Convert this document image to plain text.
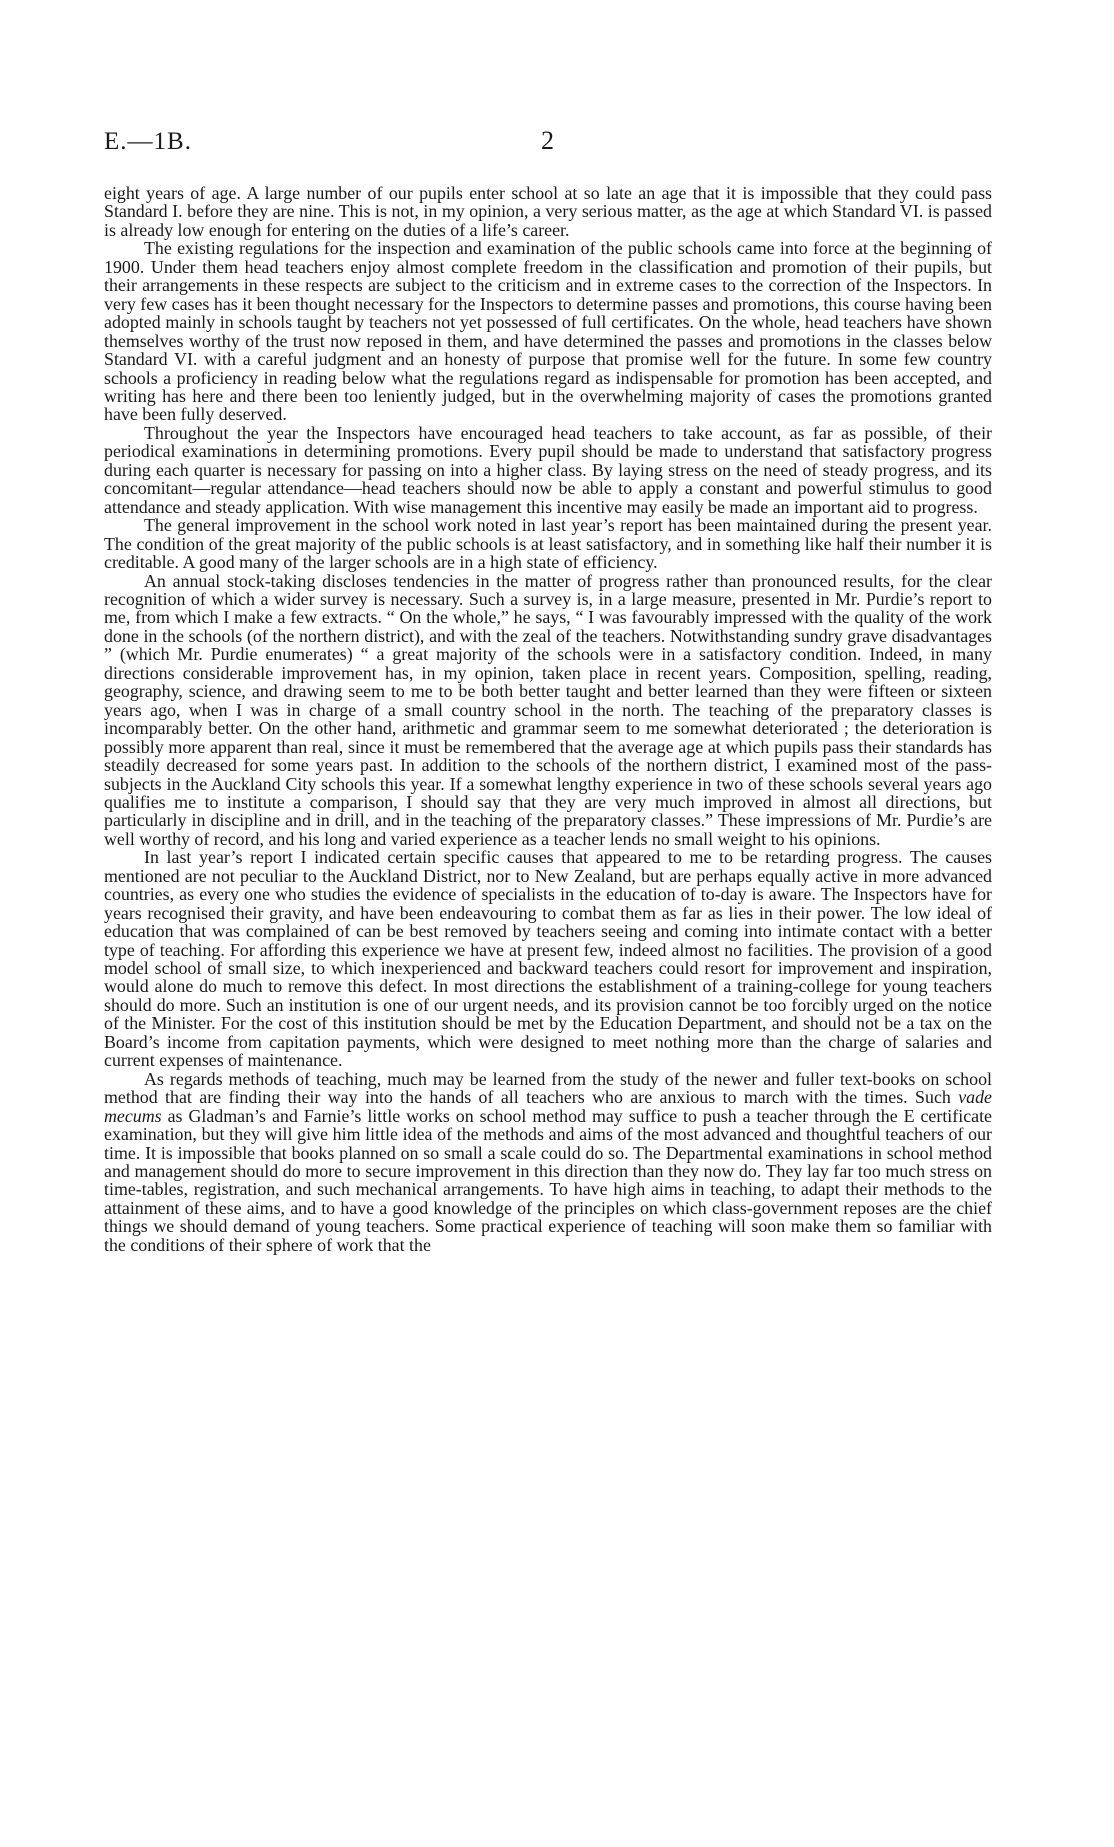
E.—1B.	2

eight years of age. A large number of our pupils enter school at so late an age that it is impossible that they could pass Standard I. before they are nine. This is not, in my opinion, a very serious matter, as the age at which Standard VI. is passed is already low enough for entering on the duties of a life’s career.

The existing regulations for the inspection and examination of the public schools came into force at the beginning of 1900. Under them head teachers enjoy almost complete freedom in the classification and promotion of their pupils, but their arrangements in these respects are subject to the criticism and in extreme cases to the correction of the Inspectors. In very few cases has it been thought necessary for the Inspectors to determine passes and promotions, this course having been adopted mainly in schools taught by teachers not yet possessed of full certificates. On the whole, head teachers have shown themselves worthy of the trust now reposed in them, and have determined the passes and promotions in the classes below Standard VI. with a careful judgment and an honesty of purpose that promise well for the future. In some few country schools a proficiency in reading below what the regulations regard as indispensable for promotion has been accepted, and writing has here and there been too leniently judged, but in the overwhelming majority of cases the promotions granted have been fully deserved.

Throughout the year the Inspectors have encouraged head teachers to take account, as far as possible, of their periodical examinations in determining promotions. Every pupil should be made to understand that satisfactory progress during each quarter is necessary for passing on into a higher class. By laying stress on the need of steady progress, and its concomitant—regular attendance—head teachers should now be able to apply a constant and powerful stimulus to good attendance and steady application. With wise management this incentive may easily be made an important aid to progress.

The general improvement in the school work noted in last year’s report has been maintained during the present year. The condition of the great majority of the public schools is at least satisfactory, and in something like half their number it is creditable. A good many of the larger schools are in a high state of efficiency.

An annual stock-taking discloses tendencies in the matter of progress rather than pronounced results, for the clear recognition of which a wider survey is necessary. Such a survey is, in a large measure, presented in Mr. Purdie’s report to me, from which I make a few extracts. “ On the whole,” he says, “ I was favourably impressed with the quality of the work done in the schools (of the northern district), and with the zeal of the teachers. Notwithstanding sundry grave disadvantages ” (which Mr. Purdie enumerates) “ a great majority of the schools were in a satisfactory condition. Indeed, in many directions considerable improvement has, in my opinion, taken place in recent years. Composition, spelling, reading, geography, science, and drawing seem to me to be both better taught and better learned than they were fifteen or sixteen years ago, when I was in charge of a small country school in the north. The teaching of the preparatory classes is incomparably better. On the other hand, arithmetic and grammar seem to me somewhat deteriorated ; the deterioration is possibly more apparent than real, since it must be remembered that the average age at which pupils pass their standards has steadily decreased for some years past. In addition to the schools of the northern district, I examined most of the pass-subjects in the Auckland City schools this year. If a somewhat lengthy experience in two of these schools several years ago qualifies me to institute a comparison, I should say that they are very much improved in almost all directions, but particularly in discipline and in drill, and in the teaching of the preparatory classes.” These impressions of Mr. Purdie’s are well worthy of record, and his long and varied experience as a teacher lends no small weight to his opinions.

In last year’s report I indicated certain specific causes that appeared to me to be retarding progress. The causes mentioned are not peculiar to the Auckland District, nor to New Zealand, but are perhaps equally active in more advanced countries, as every one who studies the evidence of specialists in the education of to-day is aware. The Inspectors have for years recognised their gravity, and have been endeavouring to combat them as far as lies in their power. The low ideal of education that was complained of can be best removed by teachers seeing and coming into intimate contact with a better type of teaching. For affording this experience we have at present few, indeed almost no facilities. The provision of a good model school of small size, to which inexperienced and backward teachers could resort for improvement and inspiration, would alone do much to remove this defect. In most directions the establishment of a training-college for young teachers should do more. Such an institution is one of our urgent needs, and its provision cannot be too forcibly urged on the notice of the Minister. For the cost of this institution should be met by the Education Department, and should not be a tax on the Board’s income from capitation payments, which were designed to meet nothing more than the charge of salaries and current expenses of maintenance.

As regards methods of teaching, much may be learned from the study of the newer and fuller text-books on school method that are finding their way into the hands of all teachers who are anxious to march with the times. Such vade mecums as Gladman’s and Farnie’s little works on school method may suffice to push a teacher through the E certificate examination, but they will give him little idea of the methods and aims of the most advanced and thoughtful teachers of our time. It is impossible that books planned on so small a scale could do so. The Departmental examinations in school method and management should do more to secure improvement in this direction than they now do. They lay far too much stress on time-tables, registration, and such mechanical arrangements. To have high aims in teaching, to adapt their methods to the attainment of these aims, and to have a good knowledge of the principles on which class-government reposes are the chief things we should demand of young teachers. Some practical experience of teaching will soon make them so familiar with the conditions of their sphere of work that the
